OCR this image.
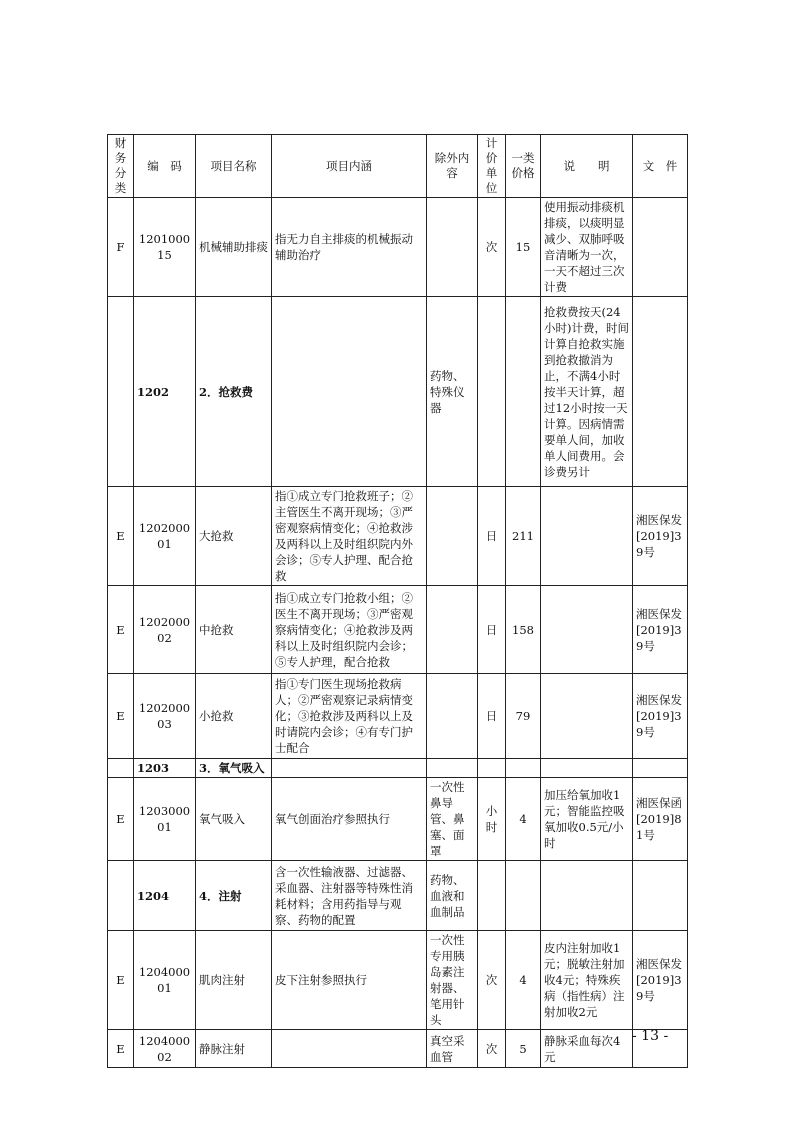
财务分类	编　码	项目名称	项目内涵	除外内容	计价单位	一类价格	说　　明	文　件
F	120100015	机械辅助排痰	指无力自主排痰的机械振动辅助治疗		次	15	使用振动排痰机排痰，以痰明显减少、双肺呼吸音清晰为一次，一天不超过三次计费	
	1202	2．抢救费		药物、特殊仪器			抢救费按天(24小时)计费，时间计算自抢救实施到抢救撤消为止，不满4小时按半天计算，超过12小时按一天计算。因病情需要单人间，加收单人间费用。会诊费另计	
E	120200001	大抢救	指①成立专门抢救班子；②主管医生不离开现场；③严密观察病情变化；④抢救涉及两科以上及时组织院内外会诊；⑤专人护理、配合抢救		日	211		湘医保发[2019]39号
E	120200002	中抢救	指①成立专门抢救小组；②医生不离开现场；③严密观察病情变化；④抢救涉及两科以上及时组织院内会诊；⑤专人护理，配合抢救		日	158		湘医保发[2019]39号
E	120200003	小抢救	指①专门医生现场抢救病人；②严密观察记录病情变化；③抢救涉及两科以上及时请院内会诊；④有专门护士配合		日	79		湘医保发[2019]39号
	1203	3．氧气吸入						
E	120300001	氧气吸入	氧气创面治疗参照执行	一次性鼻导管、鼻塞、面罩	小时	4	加压给氧加收1元；智能监控吸氧加收0.5元/小时	湘医保函[2019]81号
	1204	4．注射	含一次性输液器、过滤器、采血器、注射器等特殊性消耗材料；含用药指导与观察、药物的配置	药物、血液和血制品				
E	120400001	肌肉注射	皮下注射参照执行	一次性专用胰岛素注射器、笔用针头	次	4	皮内注射加收1元；脱敏注射加收4元；特殊疾病（指性病）注射加收2元	湘医保发[2019]39号
E	120400002	静脉注射		真空采血管	次	5	静脉采血每次4元	
- 13 -
